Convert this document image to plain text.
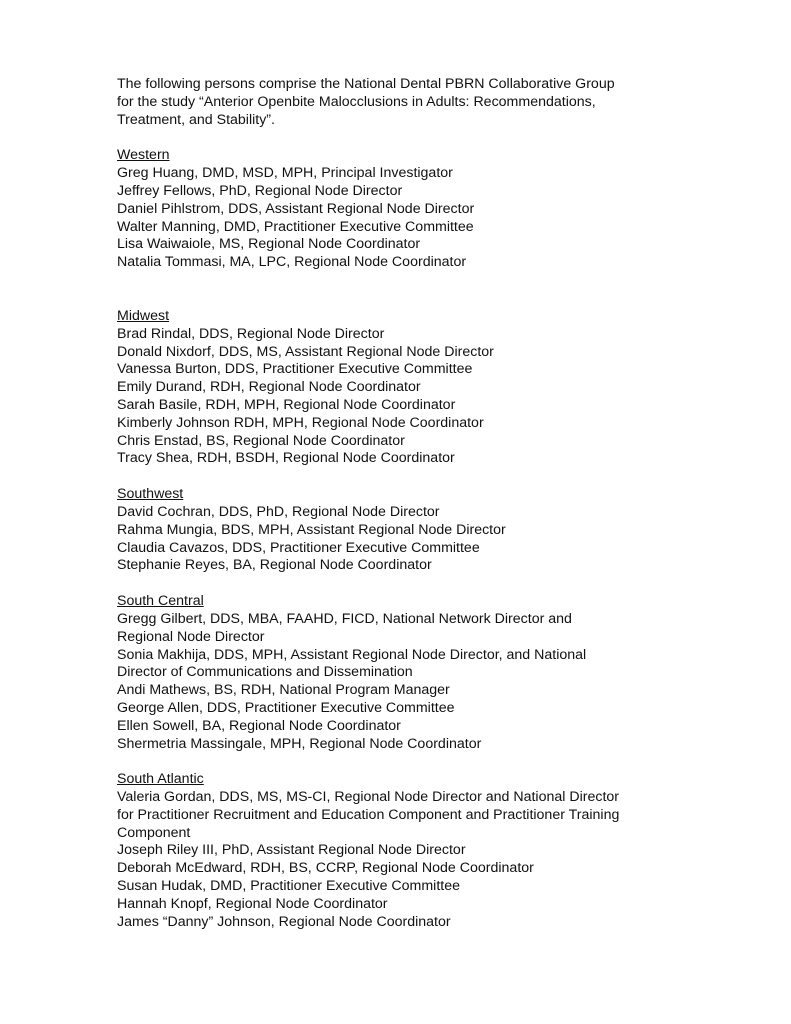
The following persons comprise the National Dental PBRN Collaborative Group
for the study “Anterior Openbite Malocclusions in Adults: Recommendations,
Treatment, and Stability”.

Western
Greg Huang, DMD, MSD, MPH, Principal Investigator
Jeffrey Fellows, PhD, Regional Node Director
Daniel Pihlstrom, DDS, Assistant Regional Node Director
Walter Manning, DMD, Practitioner Executive Committee
Lisa Waiwaiole, MS, Regional Node Coordinator
Natalia Tommasi, MA, LPC, Regional Node Coordinator
Midwest
Brad Rindal, DDS, Regional Node Director
Donald Nixdorf, DDS, MS, Assistant Regional Node Director
Vanessa Burton, DDS, Practitioner Executive Committee
Emily Durand, RDH, Regional Node Coordinator
Sarah Basile, RDH, MPH, Regional Node Coordinator
Kimberly Johnson RDH, MPH, Regional Node Coordinator
Chris Enstad, BS, Regional Node Coordinator
Tracy Shea, RDH, BSDH, Regional Node Coordinator
Southwest
David Cochran, DDS, PhD, Regional Node Director
Rahma Mungia, BDS, MPH, Assistant Regional Node Director
Claudia Cavazos, DDS, Practitioner Executive Committee
Stephanie Reyes, BA, Regional Node Coordinator
South Central
Gregg Gilbert, DDS, MBA, FAAHD, FICD, National Network Director and
Regional Node Director
Sonia Makhija, DDS, MPH, Assistant Regional Node Director, and National
Director of Communications and Dissemination
Andi Mathews, BS, RDH, National Program Manager
George Allen, DDS, Practitioner Executive Committee
Ellen Sowell, BA, Regional Node Coordinator
Shermetria Massingale, MPH, Regional Node Coordinator
South Atlantic
Valeria Gordan, DDS, MS, MS-CI, Regional Node Director and National Director
for Practitioner Recruitment and Education Component and Practitioner Training
Component
Joseph Riley III, PhD, Assistant Regional Node Director
Deborah McEdward, RDH, BS, CCRP, Regional Node Coordinator
Susan Hudak, DMD, Practitioner Executive Committee
Hannah Knopf, Regional Node Coordinator
James “Danny” Johnson, Regional Node Coordinator
